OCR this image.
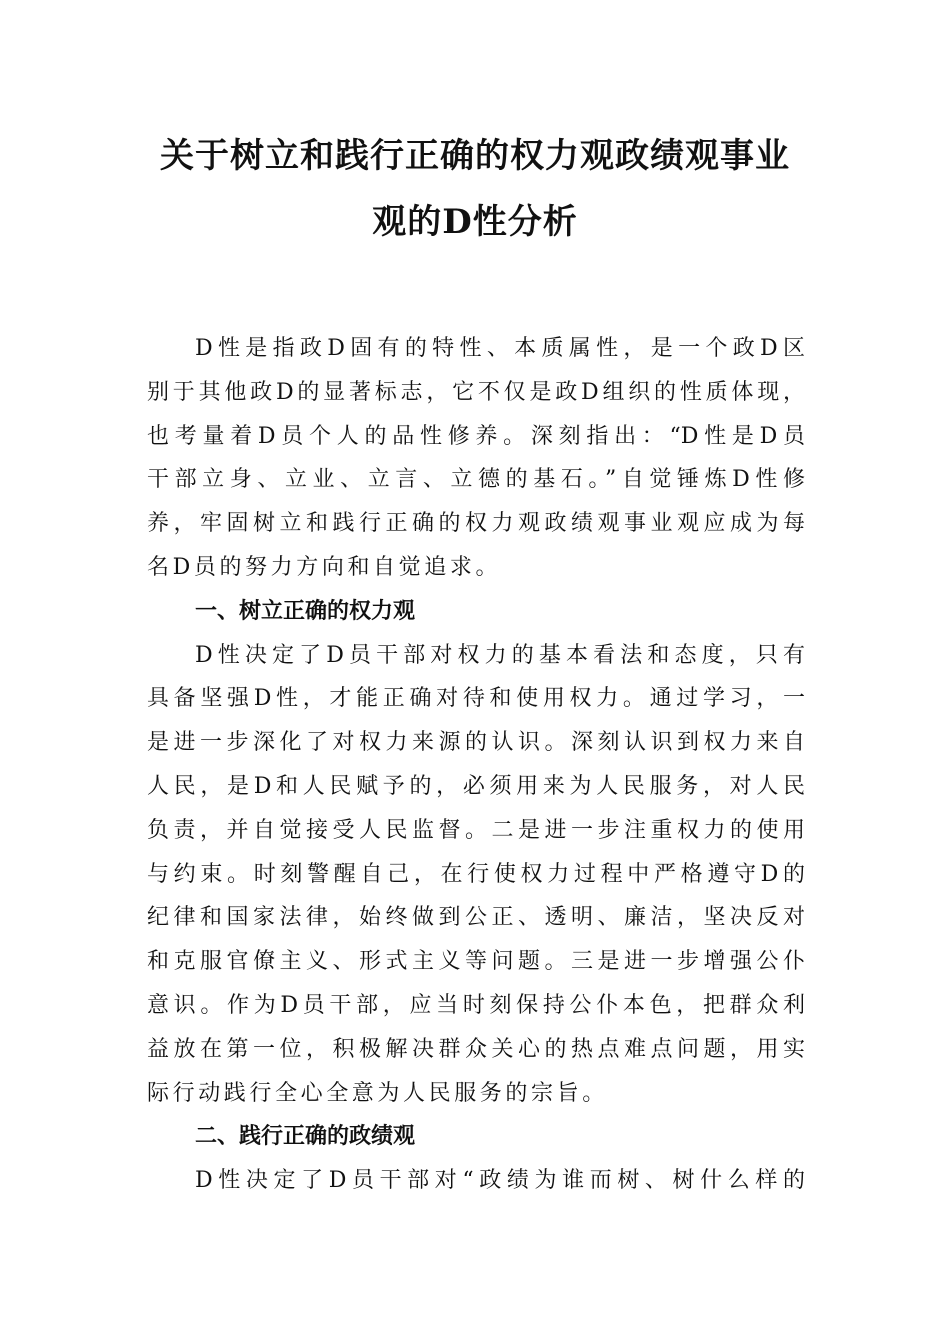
关于树立和践行正确的权力观政绩观事业
观的D性分析
D性是指政D固有的特性、本质属性，是一个政D区
别于其他政D的显著标志，它不仅是政D组织的性质体现，
也考量着D员个人的品性修养。深刻指出：“D性是D员
干部立身、立业、立言、立德的基石。”自觉锤炼D性修
养，牢固树立和践行正确的权力观政绩观事业观应成为每
名D员的努力方向和自觉追求。
一、树立正确的权力观
D性决定了D员干部对权力的基本看法和态度，只有
具备坚强D性，才能正确对待和使用权力。通过学习，一
是进一步深化了对权力来源的认识。深刻认识到权力来自
人民，是D和人民赋予的，必须用来为人民服务，对人民
负责，并自觉接受人民监督。二是进一步注重权力的使用
与约束。时刻警醒自己，在行使权力过程中严格遵守D的
纪律和国家法律，始终做到公正、透明、廉洁，坚决反对
和克服官僚主义、形式主义等问题。三是进一步增强公仆
意识。作为D员干部，应当时刻保持公仆本色，把群众利
益放在第一位，积极解决群众关心的热点难点问题，用实
际行动践行全心全意为人民服务的宗旨。
二、践行正确的政绩观
D性决定了D员干部对“政绩为谁而树、树什么样的
